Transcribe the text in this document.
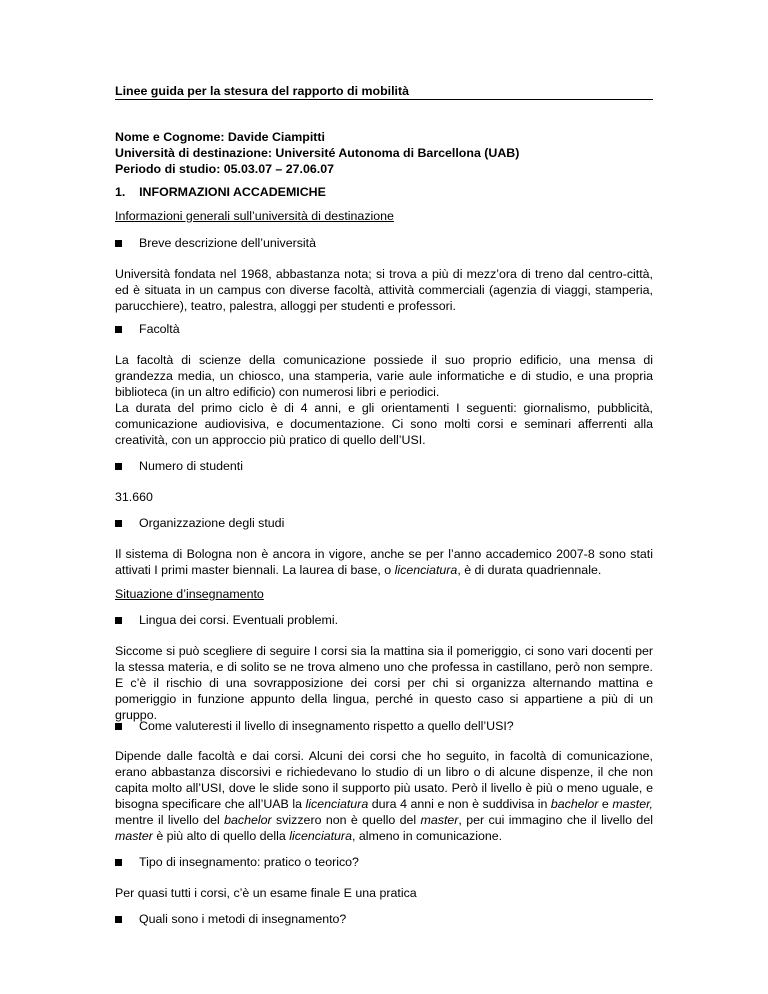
Linee guida per la stesura del rapporto di mobilità
Nome e Cognome: Davide Ciampitti
Università di destinazione: Université Autonoma di Barcellona (UAB)
Periodo di studio: 05.03.07 – 27.06.07
1.    INFORMAZIONI ACCADEMICHE
Informazioni generali sull’università di destinazione
Breve descrizione dell’università
Università fondata nel 1968, abbastanza nota; si trova a più di mezz’ora di treno dal centro-città, ed è situata in un campus con diverse facoltà, attività commerciali (agenzia di viaggi, stamperia, parucchiere), teatro, palestra, alloggi per studenti e professori.
Facoltà
La facoltà di scienze della comunicazione possiede il suo proprio edificio, una mensa di grandezza media, un chiosco, una stamperia, varie aule informatiche e di studio, e una propria biblioteca (in un altro edificio) con numerosi libri e periodici.
La durata del primo ciclo è di 4 anni, e gli orientamenti I seguenti: giornalismo, pubblicità, comunicazione audiovisiva, e documentazione. Ci sono molti corsi e seminari afferrenti alla creatività, con un approccio più pratico di quello dell’USI.
Numero di studenti
31.660
Organizzazione degli studi
Il sistema di Bologna non è ancora in vigore, anche se per l’anno accademico 2007-8 sono stati attivati I primi master biennali. La laurea di base, o licenciatura, è di durata quadriennale.
Situazione d’insegnamento
Lingua dei corsi. Eventuali problemi.
Siccome si può scegliere di seguire I corsi sia la mattina sia il pomeriggio, ci sono vari docenti per la stessa materia, e di solito se ne trova almeno uno che professa in castillano, però non sempre. E c’è il rischio di una sovrapposizione dei corsi per chi si organizza alternando mattina e pomeriggio in funzione appunto della lingua, perché in questo caso si appartiene a più di un gruppo.
Come valuteresti il livello di insegnamento rispetto a quello dell’USI?
Dipende dalle facoltà e dai corsi. Alcuni dei corsi che ho seguito, in facoltà di comunicazione, erano abbastanza discorsivi e richiedevano lo studio di un libro o di alcune dispenze, il che non capita molto all’USI, dove le slide sono il supporto più usato. Però il livello è più o meno uguale, e bisogna specificare che all’UAB la licenciatura dura 4 anni e non è suddivisa in bachelor e master, mentre il livello del bachelor svizzero non è quello del master, per cui immagino che il livello del master è più alto di quello della licenciatura, almeno in comunicazione.
Tipo di insegnamento: pratico o teorico?
Per quasi tutti i corsi, c’è un esame finale E una pratica
Quali sono i metodi di insegnamento?
